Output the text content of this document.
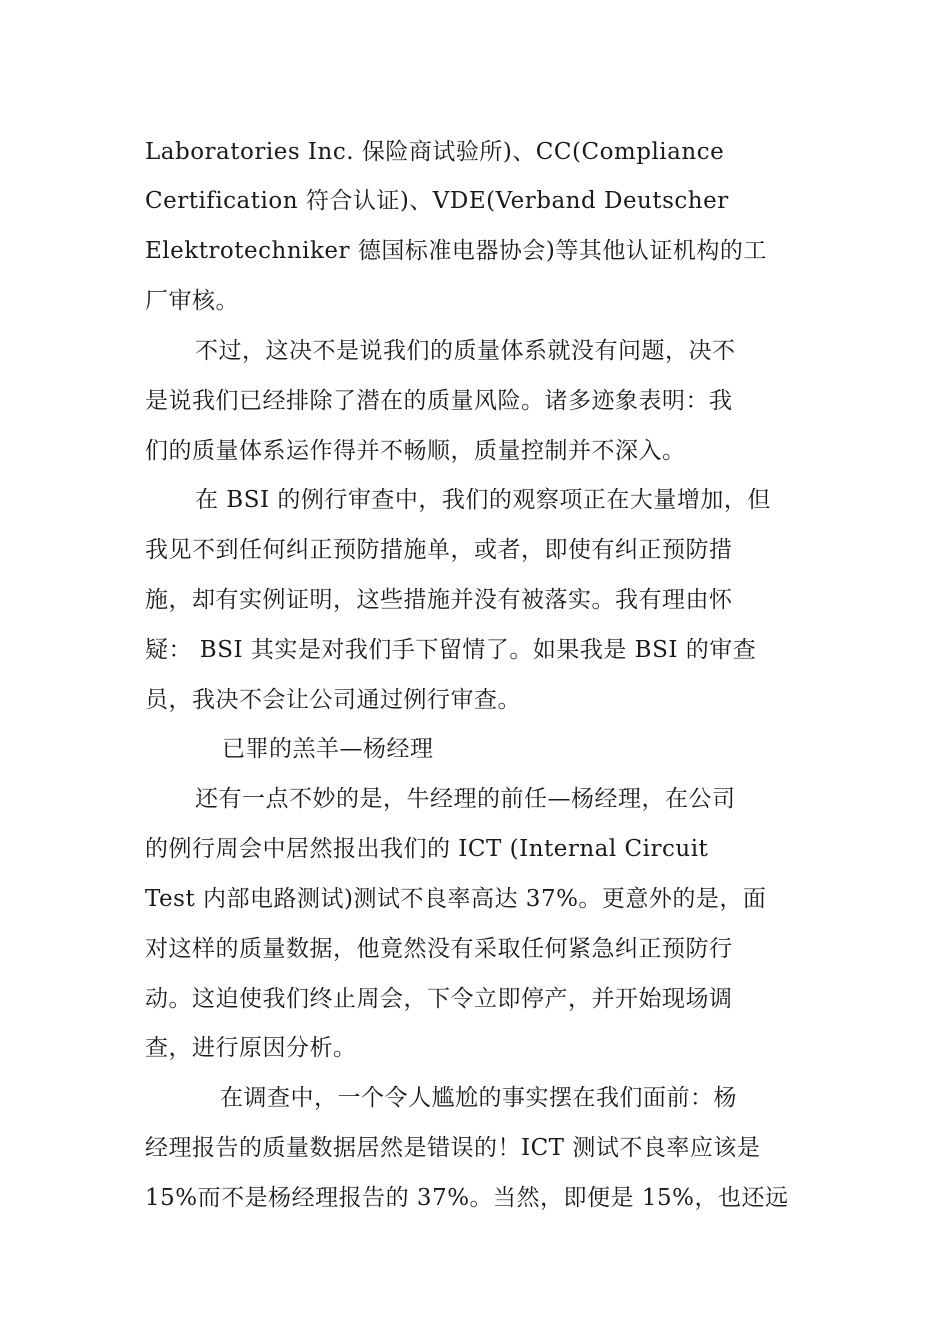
Laboratories Inc. 保险商试验所)、CC(Compliance
Certification 符合认证)、VDE(Verband Deutscher
Elektrotechniker 德国标准电器协会)等其他认证机构的工
厂审核。
不过，这决不是说我们的质量体系就没有问题，决不
是说我们已经排除了潜在的质量风险。诸多迹象表明：我
们的质量体系运作得并不畅顺，质量控制并不深入。
在 BSI 的例行审查中，我们的观察项正在大量增加，但
我见不到任何纠正预防措施单，或者，即使有纠正预防措
施，却有实例证明，这些措施并没有被落实。我有理由怀
疑： BSI 其实是对我们手下留情了。如果我是 BSI 的审查
员，我决不会让公司通过例行审查。
已罪的羔羊—杨经理
还有一点不妙的是，牛经理的前任—杨经理，在公司
的例行周会中居然报出我们的 ICT (Internal Circuit
Test 内部电路测试)测试不良率高达 37%。更意外的是，面
对这样的质量数据，他竟然没有采取任何紧急纠正预防行
动。这迫使我们终止周会，下令立即停产，并开始现场调
查，进行原因分析。
在调查中，一个令人尴尬的事实摆在我们面前：杨
经理报告的质量数据居然是错误的！ICT 测试不良率应该是
15%而不是杨经理报告的 37%。当然，即便是 15%，也还远
